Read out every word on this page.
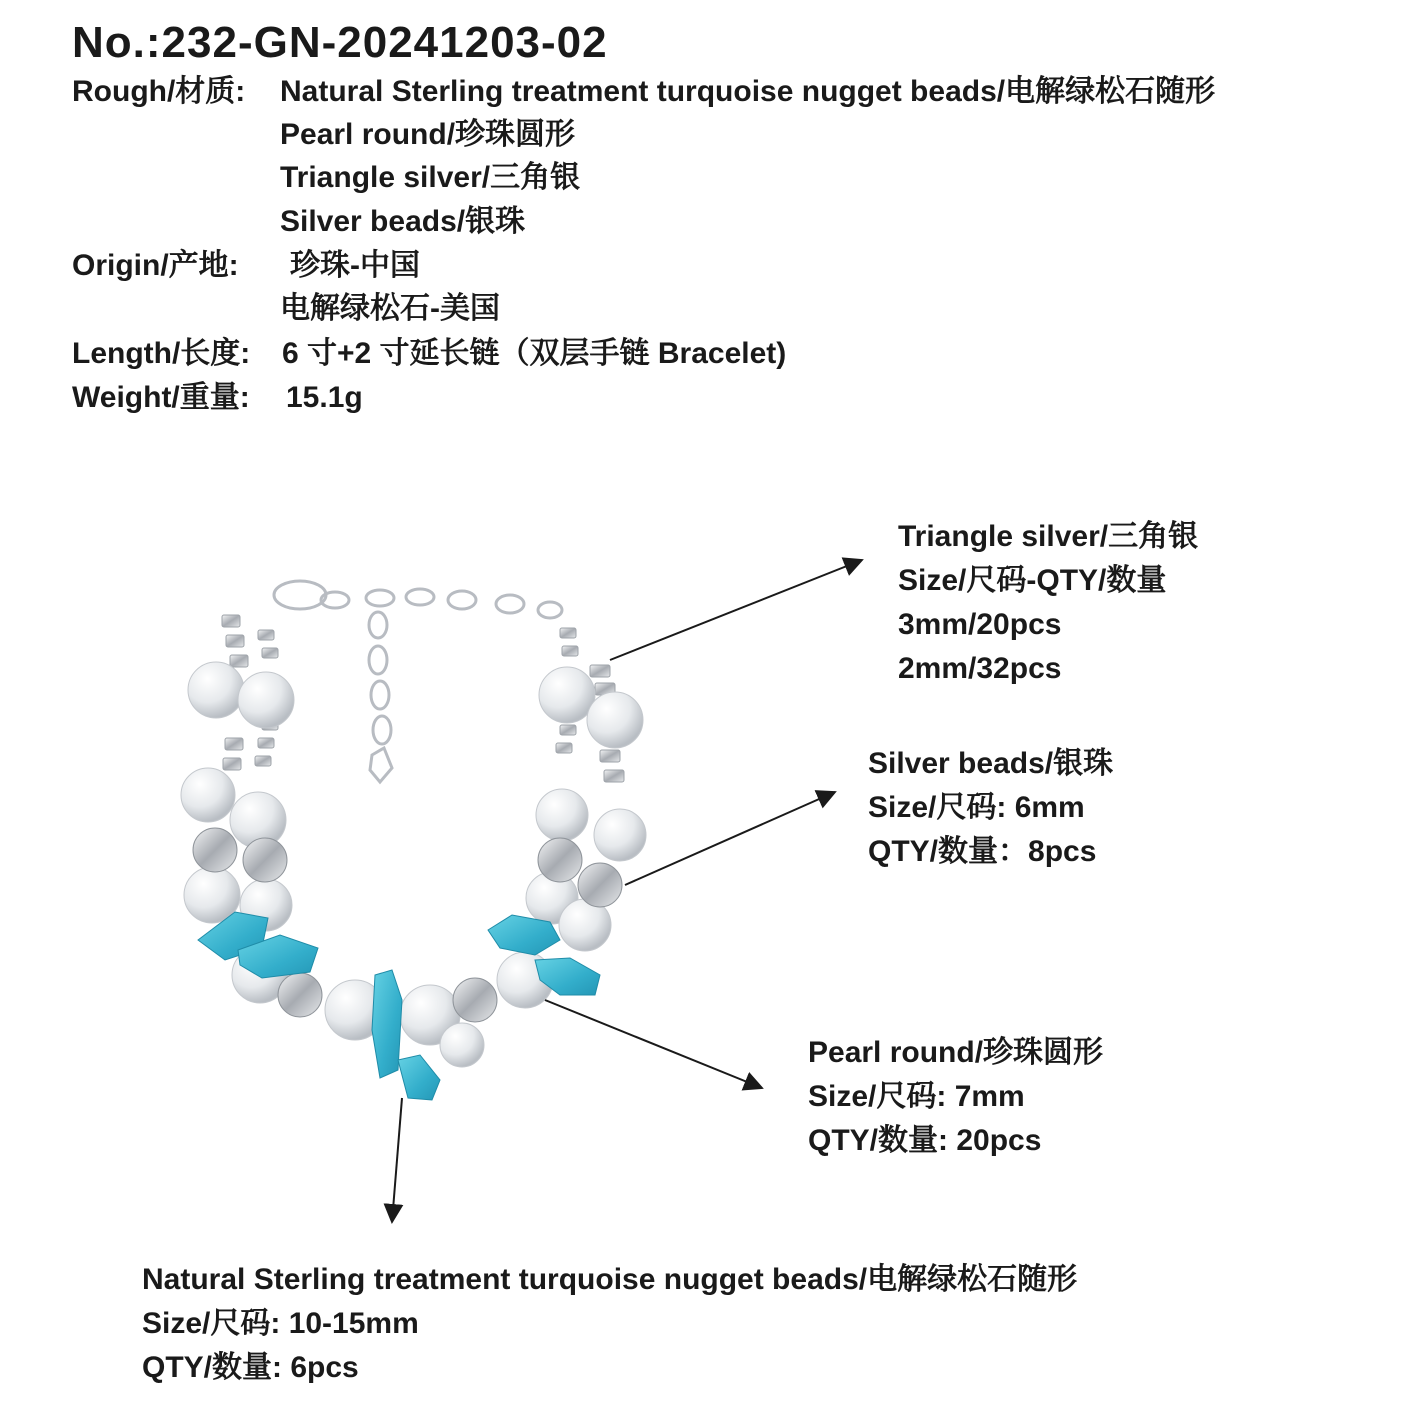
No.:232-GN-20241203-02
Rough/材质: Natural Sterling treatment turquoise nugget beads/电解绿松石随形
Pearl round/珍珠圆形
Triangle silver/三角银
Silver beads/银珠
Origin/产地: 珍珠-中国
电解绿松石-美国
Length/长度: 6 寸+2 寸延长链（双层手链 Bracelet)
Weight/重量: 15.1g
Triangle silver/三角银
Size/尺码-QTY/数量
3mm/20pcs
2mm/32pcs
Silver beads/银珠
Size/尺码: 6mm
QTY/数量：8pcs
Pearl round/珍珠圆形
Size/尺码: 7mm
QTY/数量: 20pcs
Natural Sterling treatment turquoise nugget beads/电解绿松石随形
Size/尺码: 10-15mm
QTY/数量: 6pcs
